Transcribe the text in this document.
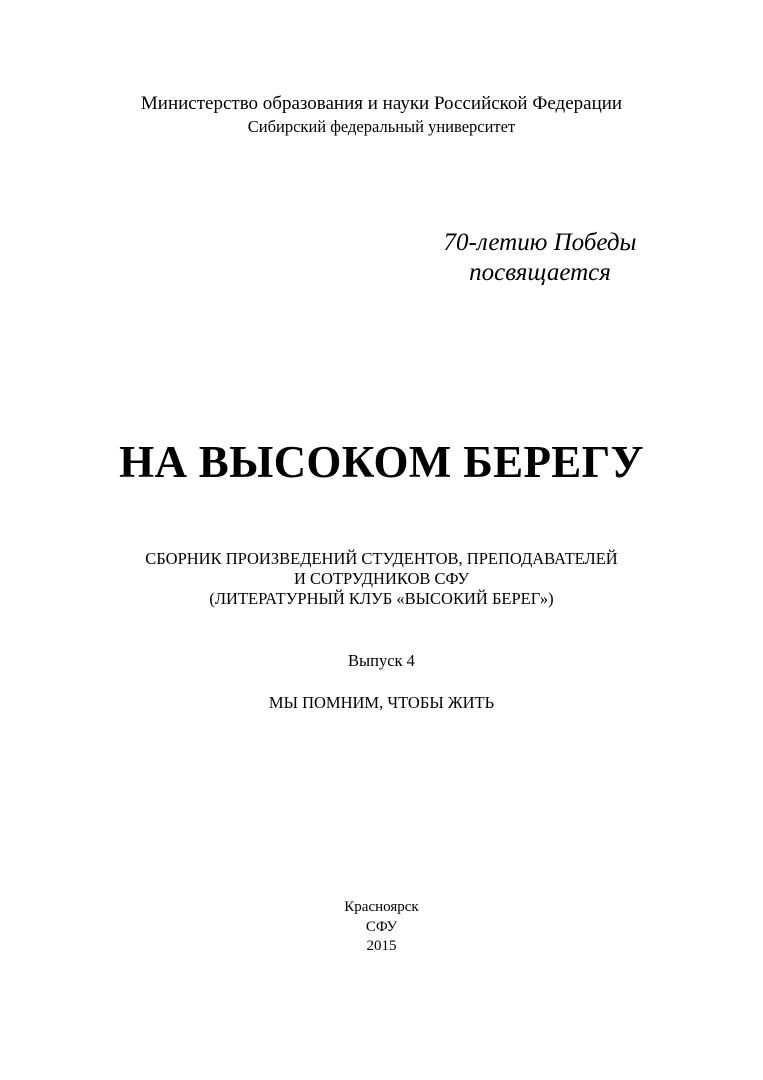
Министерство образования и науки Российской Федерации
Сибирский федеральный университет
70-летию Победы
посвящается
НА ВЫСОКОМ БЕРЕГУ
СБОРНИК ПРОИЗВЕДЕНИЙ СТУДЕНТОВ, ПРЕПОДАВАТЕЛЕЙ
И СОТРУДНИКОВ СФУ
(ЛИТЕРАТУРНЫЙ КЛУБ «ВЫСОКИЙ БЕРЕГ»)
Выпуск 4
МЫ ПОМНИМ, ЧТОБЫ ЖИТЬ
Красноярск
СФУ
2015
